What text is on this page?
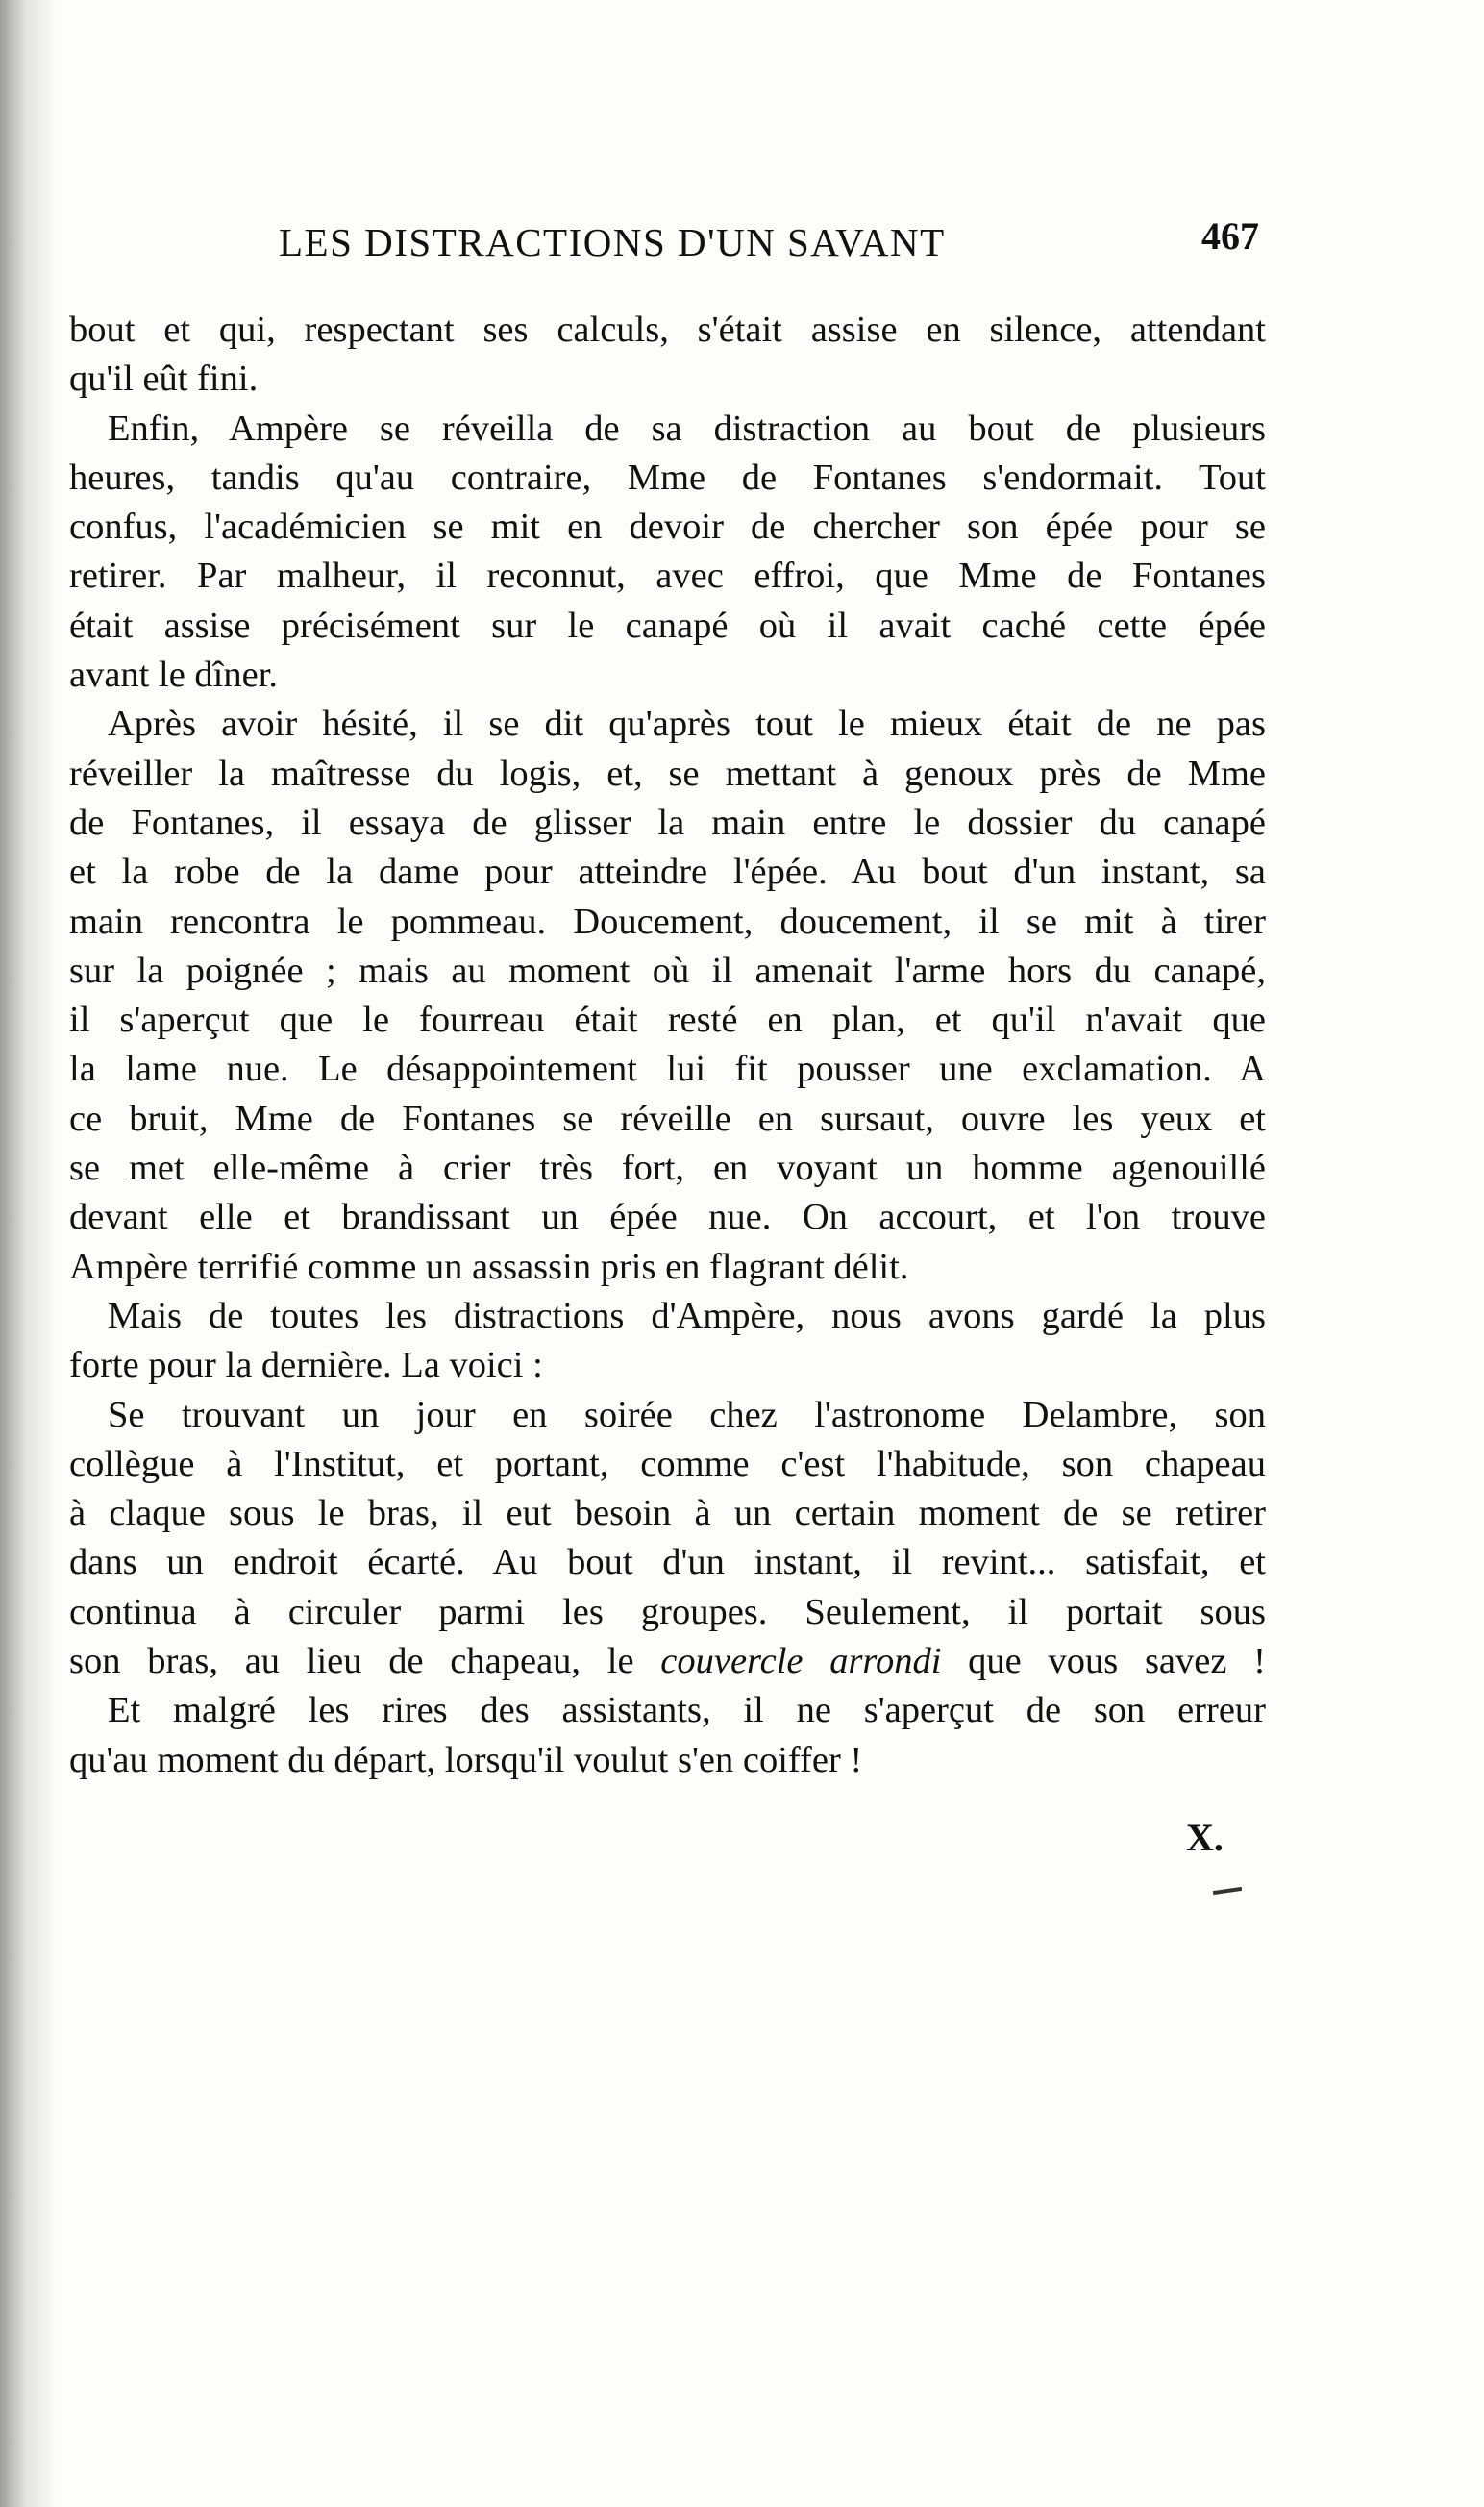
LES DISTRACTIONS D'UN SAVANT	467

bout et qui, respectant ses calculs, s'était assise en silence, attendant
qu'il eût fini.

Enfin, Ampère se réveilla de sa distraction au bout de plusieurs
heures, tandis qu'au contraire, Mme de Fontanes s'endormait. Tout
confus, l'académicien se mit en devoir de chercher son épée pour se
retirer. Par malheur, il reconnut, avec effroi, que Mme de Fontanes
était assise précisément sur le canapé où il avait caché cette épée
avant le dîner.

Après avoir hésité, il se dit qu'après tout le mieux était de ne pas
réveiller la maîtresse du logis, et, se mettant à genoux près de Mme
de Fontanes, il essaya de glisser la main entre le dossier du canapé
et la robe de la dame pour atteindre l'épée. Au bout d'un instant, sa
main rencontra le pommeau. Doucement, doucement, il se mit à tirer
sur la poignée ; mais au moment où il amenait l'arme hors du canapé,
il s'aperçut que le fourreau était resté en plan, et qu'il n'avait que
la lame nue. Le désappointement lui fit pousser une exclamation. A
ce bruit, Mme de Fontanes se réveille en sursaut, ouvre les yeux et
se met elle-même à crier très fort, en voyant un homme agenouillé
devant elle et brandissant un épée nue. On accourt, et l'on trouve
Ampère terrifié comme un assassin pris en flagrant délit.

Mais de toutes les distractions d'Ampère, nous avons gardé la plus
forte pour la dernière. La voici :

Se trouvant un jour en soirée chez l'astronome Delambre, son
collègue à l'Institut, et portant, comme c'est l'habitude, son chapeau
à claque sous le bras, il eut besoin à un certain moment de se retirer
dans un endroit écarté. Au bout d'un instant, il revint... satisfait, et
continua à circuler parmi les groupes. Seulement, il portait sous
son bras, au lieu de chapeau, le couvercle arrondi que vous savez !

Et malgré les rires des assistants, il ne s'aperçut de son erreur
qu'au moment du départ, lorsqu'il voulut s'en coiffer !

X.
